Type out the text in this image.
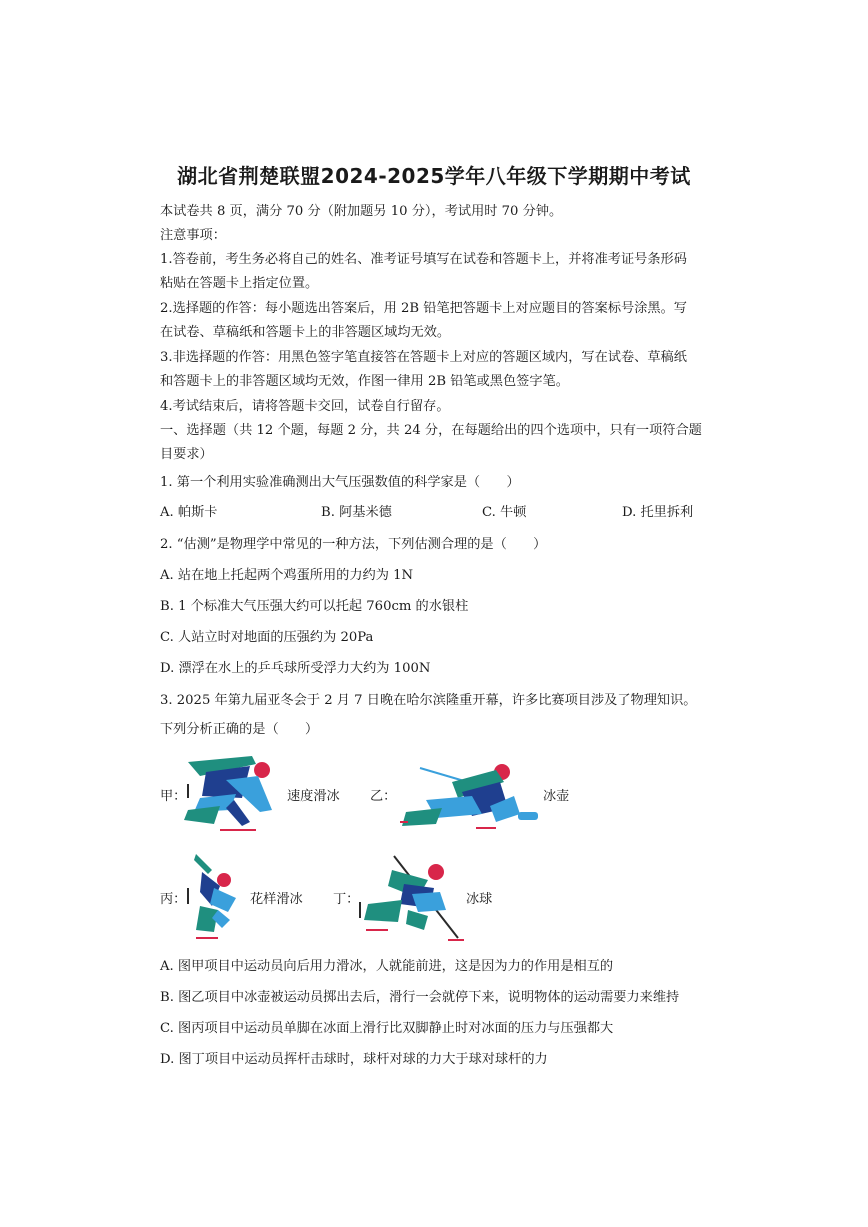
湖北省荆楚联盟2024-2025学年八年级下学期期中考试
本试卷共 8 页，满分 70 分（附加题另 10 分），考试用时 70 分钟。
注意事项：
1.答卷前，考生务必将自己的姓名、准考证号填写在试卷和答题卡上，并将准考证号条形码
粘贴在答题卡上指定位置。
2.选择题的作答：每小题选出答案后，用 2B 铅笔把答题卡上对应题目的答案标号涂黑。写
在试卷、草稿纸和答题卡上的非答题区域均无效。
3.非选择题的作答：用黑色签字笔直接答在答题卡上对应的答题区域内，写在试卷、草稿纸
和答题卡上的非答题区域均无效，作图一律用 2B 铅笔或黑色签字笔。
4.考试结束后，请将答题卡交回，试卷自行留存。
一、选择题（共 12 个题，每题 2 分，共 24 分，在每题给出的四个选项中，只有一项符合题
目要求）
1. 第一个利用实验准确测出大气压强数值的科学家是（　　）
A. 帕斯卡	B. 阿基米德	C. 牛顿	D. 托里拆利
2. “估测”是物理学中常见的一种方法，下列估测合理的是（　　）
A. 站在地上托起两个鸡蛋所用的力约为 1N
B. 1 个标准大气压强大约可以托起 760cm 的水银柱
C. 人站立时对地面的压强约为 20Pa
D. 漂浮在水上的乒乓球所受浮力大约为 100N
3. 2025 年第九届亚冬会于 2 月 7 日晚在哈尔滨隆重开幕，许多比赛项目涉及了物理知识。
下列分析正确的是（　　）
甲：	速度滑冰 乙：	冰壶
丙：	花样滑冰 丁：	冰球
A. 图甲项目中运动员向后用力滑冰，人就能前进，这是因为力的作用是相互的
B. 图乙项目中冰壶被运动员掷出去后，滑行一会就停下来，说明物体的运动需要力来维持
C. 图丙项目中运动员单脚在冰面上滑行比双脚静止时对冰面的压力与压强都大
D. 图丁项目中运动员挥杆击球时，球杆对球的力大于球对球杆的力
